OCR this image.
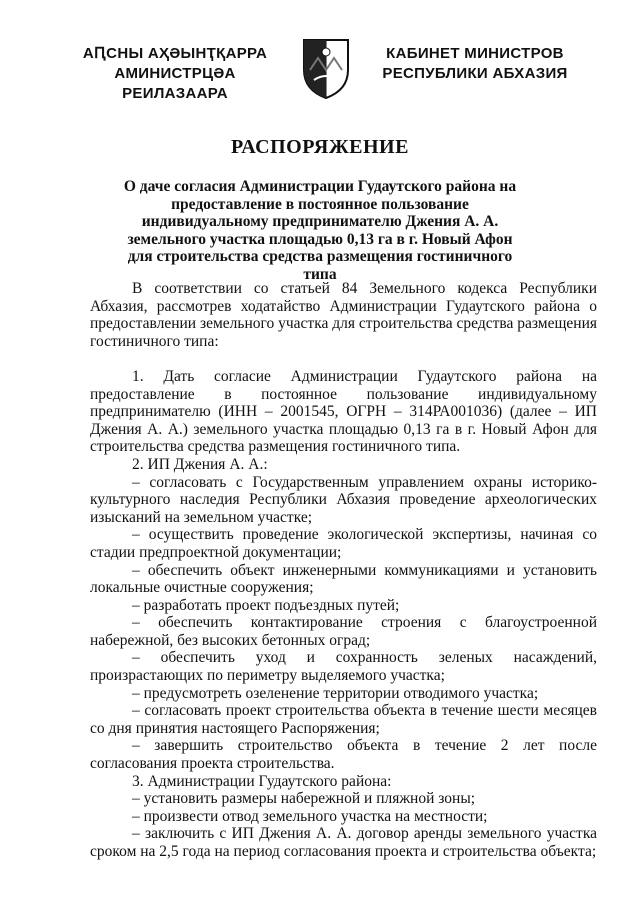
АԤСНЫ АҲӘЫНҬҚАРРА
АМИНИСТРЦӘА РЕИЛАЗААРА
КАБИНЕТ МИНИСТРОВ
РЕСПУБЛИКИ АБХАЗИЯ
РАСПОРЯЖЕНИЕ
О даче согласия Администрации Гудаутского района на предоставление в постоянное пользование индивидуальному предпринимателю Джения А. А. земельного участка площадью 0,13 га в г. Новый Афон для строительства средства размещения гостиничного типа

В соответствии со статьей 84 Земельного кодекса Республики Абхазия, рассмотрев ходатайство Администрации Гудаутского района о предоставлении земельного участка для строительства средства размещения гостиничного типа:

1. Дать согласие Администрации Гудаутского района на предоставление в постоянное пользование индивидуальному предпринимателю (ИНН – 2001545, ОГРН – 314РА001036) (далее – ИП Джения А. А.) земельного участка площадью 0,13 га в г. Новый Афон для строительства средства размещения гостиничного типа.

2. ИП Джения А. А.:

– согласовать с Государственным управлением охраны историко-культурного наследия Республики Абхазия проведение археологических изысканий на земельном участке;

– осуществить проведение экологической экспертизы, начиная со стадии предпроектной документации;

– обеспечить объект инженерными коммуникациями и установить локальные очистные сооружения;

– разработать проект подъездных путей;

– обеспечить контактирование строения с благоустроенной набережной, без высоких бетонных оград;

– обеспечить уход и сохранность зеленых насаждений, произрастающих по периметру выделяемого участка;

– предусмотреть озеленение территории отводимого участка;

– согласовать проект строительства объекта в течение шести месяцев со дня принятия настоящего Распоряжения;

– завершить строительство объекта в течение 2 лет после согласования проекта строительства.

3. Администрации Гудаутского района:

– установить размеры набережной и пляжной зоны;

– произвести отвод земельного участка на местности;

– заключить с ИП Джения А. А. договор аренды земельного участка сроком на 2,5 года на период согласования проекта и строительства объекта;
